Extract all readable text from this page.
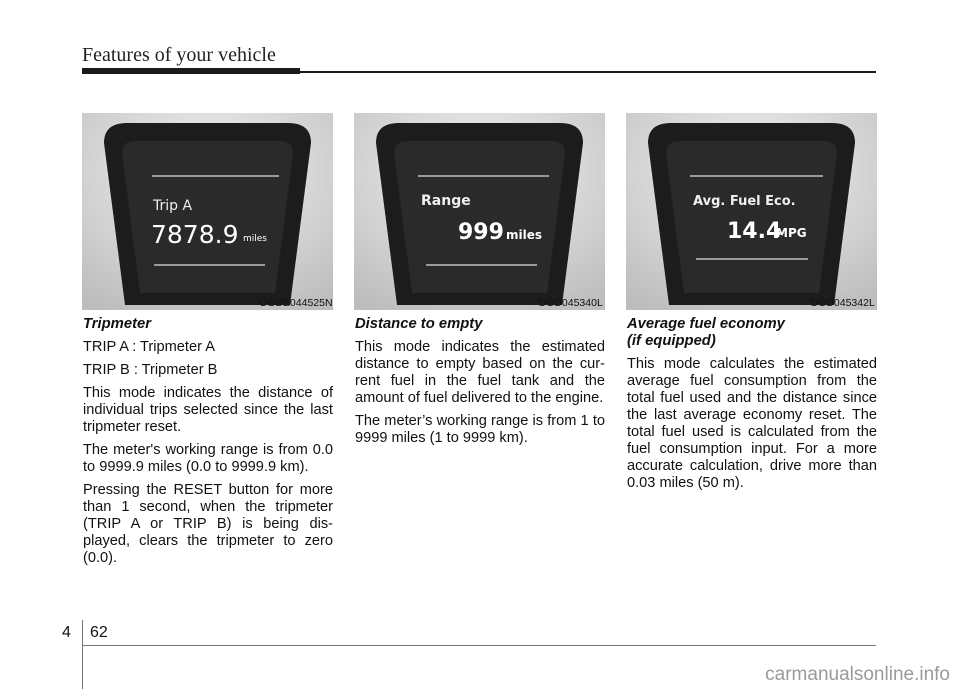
Features of your vehicle
Trip A
7878.9 miles
OGDE044525N
Range
999 miles
OGD045340L
Avg. Fuel Eco.
14.4
MPG
OGD045342L
Tripmeter

TRIP A : Tripmeter A

TRIP B : Tripmeter B

This mode indicates the distance of individual trips selected since the last tripmeter reset.

The meter's working range is from 0.0 to 9999.9 miles (0.0 to 9999.9 km).

Pressing the RESET button for more than 1 second, when the tripmeter (TRIP A or TRIP B) is being dis-played, clears the tripmeter to zero (0.0).

Distance to empty

This mode indicates the estimated distance to empty based on the cur-rent fuel in the fuel tank and the amount of fuel delivered to the engine.

The meter’s working range is from 1 to 9999 miles (1 to 9999 km).

Average fuel economy
(if equipped)

This mode calculates the estimated average fuel consumption from the total fuel used and the distance since the last average economy reset. The total fuel used is calculated from the fuel consumption input. For a more accurate calculation, drive more than 0.03 miles (50 m).

4 62
carmanualsonline.info
